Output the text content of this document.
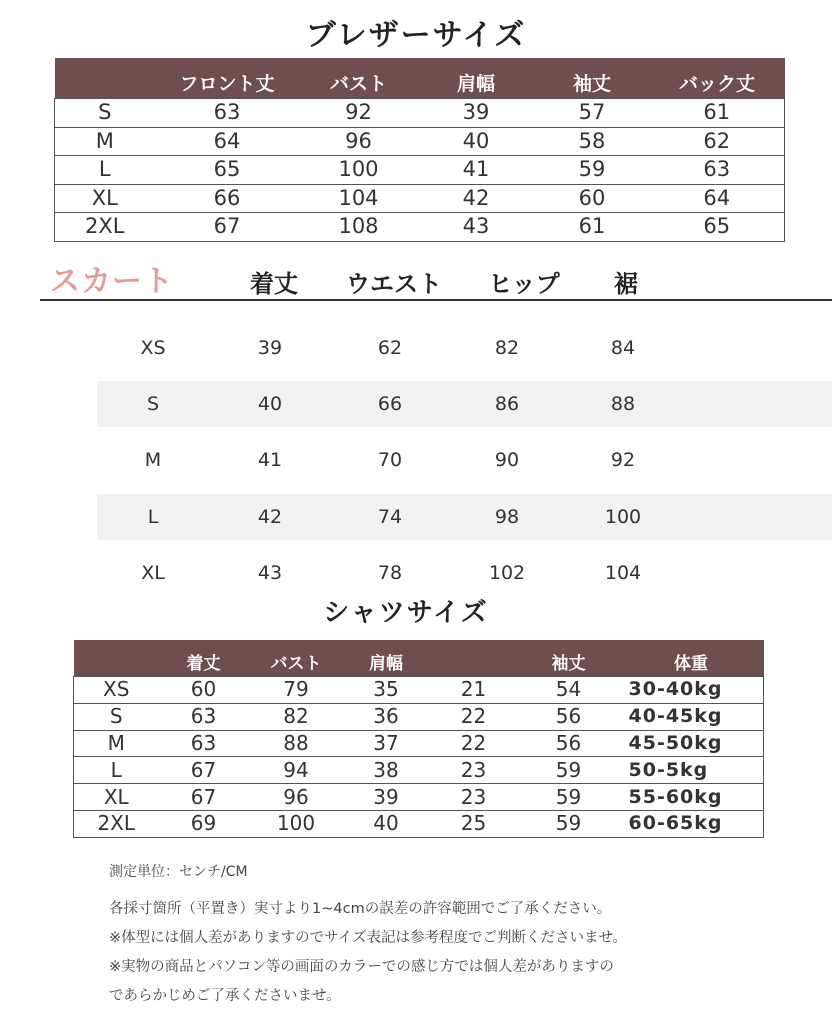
ブレザーサイズ
	フロント丈	バスト	肩幅	袖丈	バック丈
S	63	92	39	57	61
M	64	96	40	58	62
L	65	100	41	59	63
XL	66	104	42	60	64
2XL	67	108	43	61	65
スカート	着丈 ウエスト ヒップ 裾
XS	39	62	82	84
S	40	66	86	88
M	41	70	90	92
L	42	74	98	100
XL	43	78	102	104
シャツサイズ
	着丈	バスト	肩幅		袖丈	体重
XS	60	79	35	21	54	30-40kg
S	63	82	36	22	56	40-45kg
M	63	88	37	22	56	45-50kg
L	67	94	38	23	59	50-5kg
XL	67	96	39	23	59	55-60kg
2XL	69	100	40	25	59	60-65kg

測定単位：センチ/CM

各採寸箇所（平置き）実寸より1~4cmの誤差の許容範囲でご了承ください。

※体型には個人差がありますのでサイズ表記は参考程度でご判断くださいませ。

※実物の商品とパソコン等の画面のカラーでの感じ方では個人差がありますの

であらかじめご了承くださいませ。
